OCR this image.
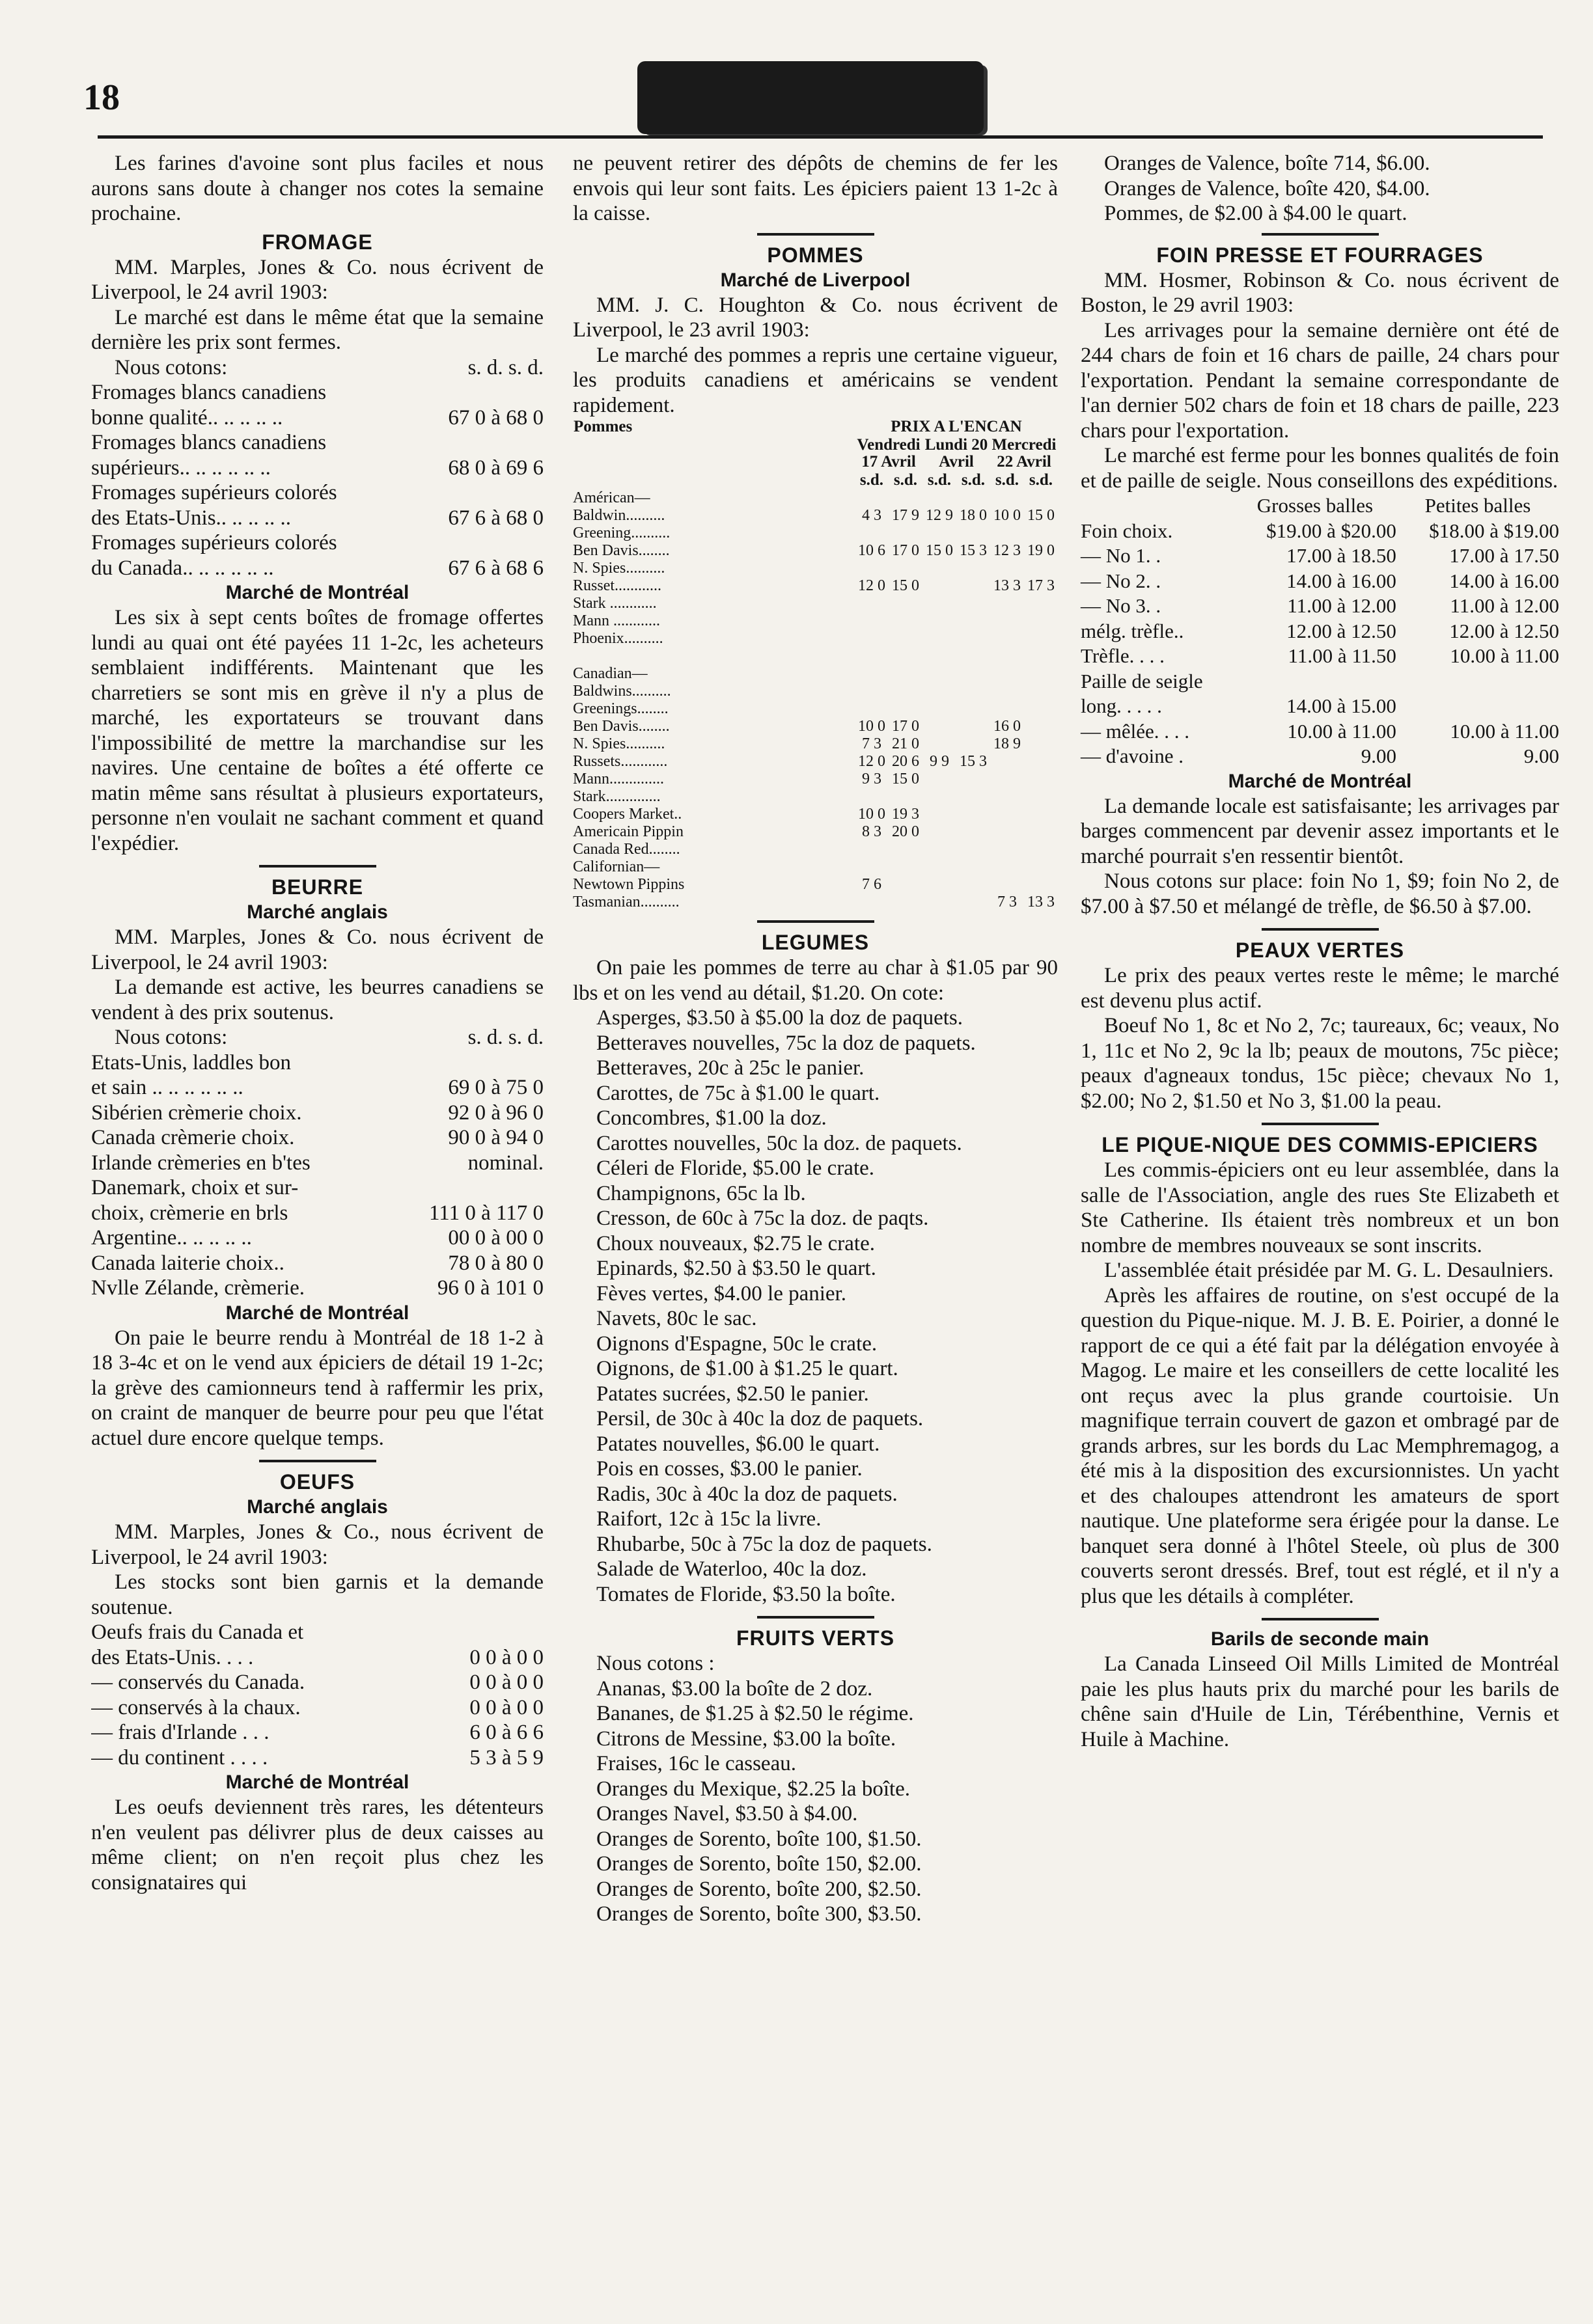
18

Les farines d'avoine sont plus faciles et nous aurons sans doute à changer nos cotes la semaine prochaine.

FROMAGE

MM. Marples, Jones & Co. nous écrivent de Liverpool, le 24 avril 1903:

Le marché est dans le même état que la semaine dernière les prix sont fermes.

Nous cotons:	s. d. s. d.
Fromages blancs canadiens
bonne qualité.. .. .. .. ..	67 0 à 68 0
Fromages blancs canadiens
supérieurs.. .. .. .. .. ..	68 0 à 69 6
Fromages supérieurs colorés
des Etats-Unis.. .. .. .. ..	67 6 à 68 0
Fromages supérieurs colorés
du Canada.. .. .. .. .. ..	67 6 à 68 6
Marché de Montréal

Les six à sept cents boîtes de fromage offertes lundi au quai ont été payées 11 1-2c, les acheteurs semblaient indifférents. Maintenant que les charretiers se sont mis en grève il n'y a plus de marché, les exportateurs se trouvant dans l'impossibilité de mettre la marchandise sur les navires. Une centaine de boîtes a été offerte ce matin même sans résultat à plusieurs exportateurs, personne n'en voulait ne sachant comment et quand l'expédier.

BEURRE
Marché anglais

MM. Marples, Jones & Co. nous écrivent de Liverpool, le 24 avril 1903:

La demande est active, les beurres canadiens se vendent à des prix soutenus.

Nous cotons:	s. d. s. d.
Etats-Unis, laddles bon
et sain .. .. .. .. .. ..	69 0 à 75 0
Sibérien crèmerie choix.	92 0 à 96 0
Canada crèmerie choix.	90 0 à 94 0
Irlande crèmeries en b'tes	nominal.
Danemark, choix et sur-
choix, crèmerie en brls	111 0 à 117 0
Argentine.. .. .. .. ..	00 0 à 00 0
Canada laiterie choix..	78 0 à 80 0
Nvlle Zélande, crèmerie.	96 0 à 101 0
Marché de Montréal

On paie le beurre rendu à Montréal de 18 1-2 à 18 3-4c et on le vend aux épiciers de détail 19 1-2c; la grève des camionneurs tend à raffermir les prix, on craint de manquer de beurre pour peu que l'état actuel dure encore quelque temps.

OEUFS
Marché anglais

MM. Marples, Jones & Co., nous écrivent de Liverpool, le 24 avril 1903:

Les stocks sont bien garnis et la demande soutenue.

Oeufs frais du Canada et
des Etats-Unis. . . .	0 0 à 0 0
— conservés du Canada.	0 0 à 0 0
— conservés à la chaux.	0 0 à 0 0
— frais d'Irlande . . .	6 0 à 6 6
— du continent . . . .	5 3 à 5 9
Marché de Montréal

Les oeufs deviennent très rares, les détenteurs n'en veulent pas délivrer plus de deux caisses au même client; on n'en reçoit plus chez les consignataires qui

ne peuvent retirer des dépôts de chemins de fer les envois qui leur sont faits. Les épiciers paient 13 1-2c à la caisse.

POMMES
Marché de Liverpool

MM. J. C. Houghton & Co. nous écrivent de Liverpool, le 23 avril 1903:

Le marché des pommes a repris une certaine vigueur, les produits canadiens et américains se vendent rapidement.

Pommes	PRIX A L'ENCAN					
	Vendredi 17 Avril		Lundi 20 Avril		Mercredi 22 Avril	
	s.d.	s.d.	s.d.	s.d.	s.d.	s.d.
Américan—						
Baldwin..........	4 3	17 9	12 9	18 0	10 0	15 0
Greening..........						
Ben Davis........	10 6	17 0	15 0	15 3	12 3	19 0
N. Spies..........						
Russet............	12 0	15 0			13 3	17 3
Stark ............						
Mann ............						
Phoenix..........						

Canadian—						
Baldwins..........						
Greenings........						
Ben Davis........	10 0	17 0			16 0	
N. Spies..........	7 3	21 0			18 9	
Russets............	12 0	20 6	9 9	15 3		
Mann..............	9 3	15 0				
Stark..............						
Coopers Market..	10 0	19 3				
Americain Pippin	8 3	20 0				
Canada Red........						
Californian—						
Newtown Pippins	7 6					
Tasmanian..........					7 3	13 3
LEGUMES

On paie les pommes de terre au char à $1.05 par 90 lbs et on les vend au détail, $1.20. On cote:

Asperges, $3.50 à $5.00 la doz de paquets.

Betteraves nouvelles, 75c la doz de paquets.

Betteraves, 20c à 25c le panier.

Carottes, de 75c à $1.00 le quart.

Concombres, $1.00 la doz.

Carottes nouvelles, 50c la doz. de paquets.

Céleri de Floride, $5.00 le crate.

Champignons, 65c la lb.

Cresson, de 60c à 75c la doz. de paqts.

Choux nouveaux, $2.75 le crate.

Epinards, $2.50 à $3.50 le quart.

Fèves vertes, $4.00 le panier.

Navets, 80c le sac.

Oignons d'Espagne, 50c le crate.

Oignons, de $1.00 à $1.25 le quart.

Patates sucrées, $2.50 le panier.

Persil, de 30c à 40c la doz de paquets.

Patates nouvelles, $6.00 le quart.

Pois en cosses, $3.00 le panier.

Radis, 30c à 40c la doz de paquets.

Raifort, 12c à 15c la livre.

Rhubarbe, 50c à 75c la doz de paquets.

Salade de Waterloo, 40c la doz.

Tomates de Floride, $3.50 la boîte.

FRUITS VERTS

Nous cotons :

Ananas, $3.00 la boîte de 2 doz.

Bananes, de $1.25 à $2.50 le régime.

Citrons de Messine, $3.00 la boîte.

Fraises, 16c le casseau.

Oranges du Mexique, $2.25 la boîte.

Oranges Navel, $3.50 à $4.00.

Oranges de Sorento, boîte 100, $1.50.

Oranges de Sorento, boîte 150, $2.00.

Oranges de Sorento, boîte 200, $2.50.

Oranges de Sorento, boîte 300, $3.50.

Oranges de Valence, boîte 714, $6.00.

Oranges de Valence, boîte 420, $4.00.

Pommes, de $2.00 à $4.00 le quart.

FOIN PRESSE ET FOURRAGES

MM. Hosmer, Robinson & Co. nous écrivent de Boston, le 29 avril 1903:

Les arrivages pour la semaine dernière ont été de 244 chars de foin et 16 chars de paille, 24 chars pour l'exportation. Pendant la semaine correspondante de l'an dernier 502 chars de foin et 18 chars de paille, 223 chars pour l'exportation.

Le marché est ferme pour les bonnes qualités de foin et de paille de seigle. Nous conseillons des expéditions.

	Grosses balles	Petites balles
Foin choix.	$19.00 à $20.00	$18.00 à $19.00
— No 1. .	17.00 à 18.50	17.00 à 17.50
— No 2. .	14.00 à 16.00	14.00 à 16.00
— No 3. .	11.00 à 12.00	11.00 à 12.00
mélg. trèfle..	12.00 à 12.50	12.00 à 12.50
Trèfle. . . .	11.00 à 11.50	10.00 à 11.00
Paille de seigle		
long. . . . .	14.00 à 15.00	
— mêlée. . . .	10.00 à 11.00	10.00 à 11.00
— d'avoine .	9.00	9.00
Marché de Montréal

La demande locale est satisfaisante; les arrivages par barges commencent par devenir assez importants et le marché pourrait s'en ressentir bientôt.

Nous cotons sur place: foin No 1, $9; foin No 2, de $7.00 à $7.50 et mélangé de trèfle, de $6.50 à $7.00.

PEAUX VERTES

Le prix des peaux vertes reste le même; le marché est devenu plus actif.

Boeuf No 1, 8c et No 2, 7c; taureaux, 6c; veaux, No 1, 11c et No 2, 9c la lb; peaux de moutons, 75c pièce; peaux d'agneaux tondus, 15c pièce; chevaux No 1, $2.00; No 2, $1.50 et No 3, $1.00 la peau.

LE PIQUE-NIQUE DES COMMIS-EPICIERS

Les commis-épiciers ont eu leur assemblée, dans la salle de l'Association, angle des rues Ste Elizabeth et Ste Catherine. Ils étaient très nombreux et un bon nombre de membres nouveaux se sont inscrits.

L'assemblée était présidée par M. G. L. Desaulniers.

Après les affaires de routine, on s'est occupé de la question du Pique-nique. M. J. B. E. Poirier, a donné le rapport de ce qui a été fait par la délégation envoyée à Magog. Le maire et les conseillers de cette localité les ont reçus avec la plus grande courtoisie. Un magnifique terrain couvert de gazon et ombragé par de grands arbres, sur les bords du Lac Memphremagog, a été mis à la disposition des excursionnistes. Un yacht et des chaloupes attendront les amateurs de sport nautique. Une plateforme sera érigée pour la danse. Le banquet sera donné à l'hôtel Steele, où plus de 300 couverts seront dressés. Bref, tout est réglé, et il n'y a plus que les détails à compléter.

Barils de seconde main

La Canada Linseed Oil Mills Limited de Montréal paie les plus hauts prix du marché pour les barils de chêne sain d'Huile de Lin, Térébenthine, Vernis et Huile à Machine.
